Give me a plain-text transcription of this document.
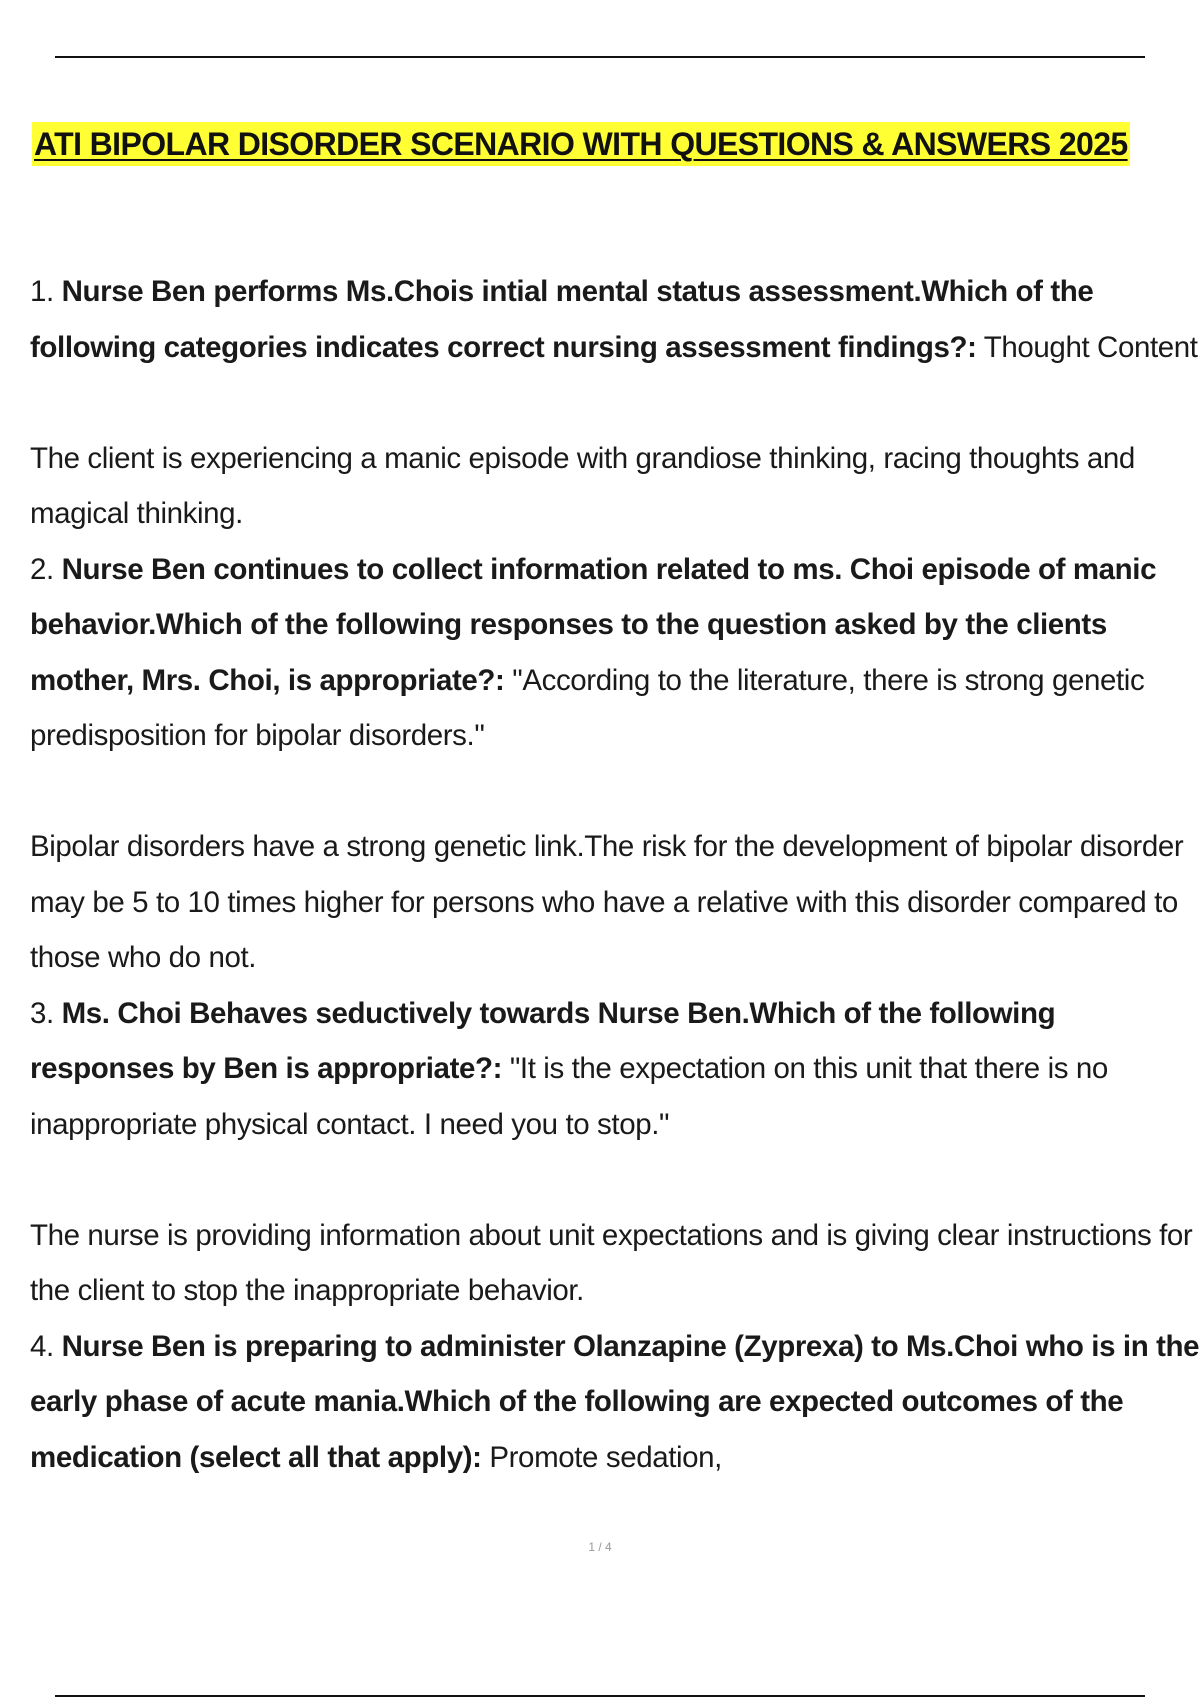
ATI BIPOLAR DISORDER SCENARIO WITH QUESTIONS & ANSWERS 2025

1. Nurse Ben performs Ms.Chois intial mental status assessment.Which of the following categories indicates correct nursing assessment findings?: Thought Content

The client is experiencing a manic episode with grandiose thinking, racing thoughts and magical thinking.

2. Nurse Ben continues to collect information related to ms. Choi episode of manic behavior.Which of the following responses to the question asked by the clients mother, Mrs. Choi, is appropriate?: "According to the literature, there is strong genetic predisposition for bipolar disorders."

Bipolar disorders have a strong genetic link.The risk for the development of bipolar disorder may be 5 to 10 times higher for persons who have a relative with this disorder compared to those who do not.

3. Ms. Choi Behaves seductively towards Nurse Ben.Which of the following responses by Ben is appropriate?: "It is the expectation on this unit that there is no inappropriate physical contact. I need you to stop."

The nurse is providing information about unit expectations and is giving clear instructions for the client to stop the inappropriate behavior.

4. Nurse Ben is preparing to administer Olanzapine (Zyprexa) to Ms.Choi who is in the early phase of acute mania.Which of the following are expected outcomes of the medication (select all that apply): Promote sedation,

1 / 4
